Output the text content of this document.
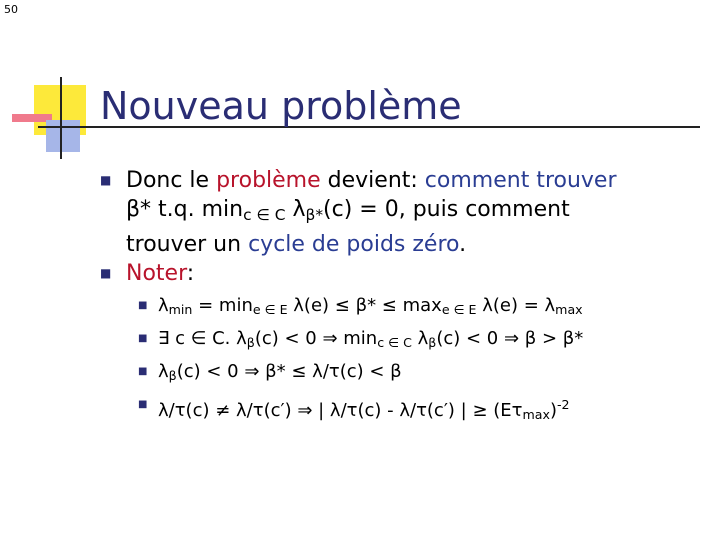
50
Nouveau problème
■
Donc le problème devient: comment trouver
β* t.q. $\min_{c \in C} \lambda_{\beta*}(c) = 0$, puis comment
trouver un cycle de poids zéro.
■
Noter:
■
$\lambda_{min} = \min_{e \in E} \lambda(e) \le \beta* \le \max_{e \in E} \lambda(e) = \lambda_{max}$
■
∃ c ∈ C. $\lambda_\beta(c) < 0$ ⇒ $\min_{c \in C} \lambda_\beta(c) < 0$ ⇒ β > β*
■
$\lambda_\beta(c) < 0$ ⇒ β* ≤ λ/τ(c) < β
■
λ/τ(c) ≠ λ/τ(c′) ⇒ | λ/τ(c) - λ/τ(c′) | ≥ $(E\tau_{max})^{-2}$
